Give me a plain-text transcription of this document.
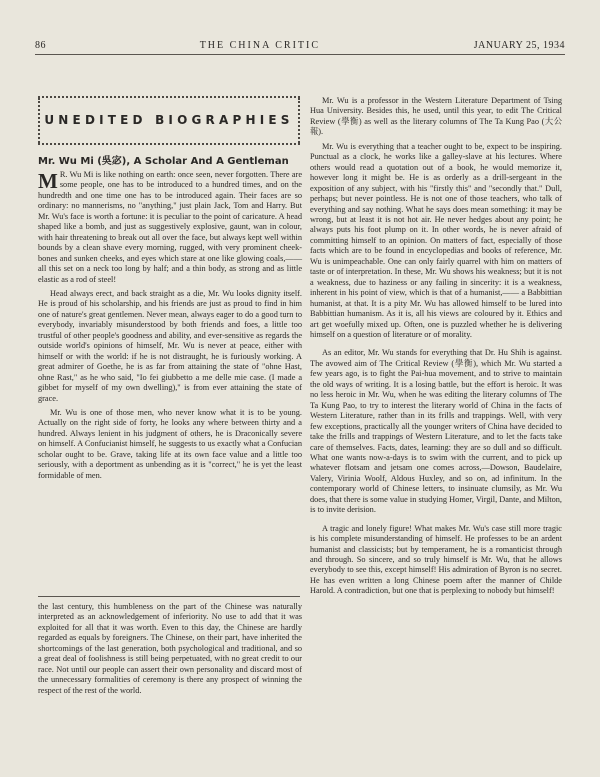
86	THE CHINA CRITIC	JANUARY 25, 1934
UNEDITED BIOGRAPHIES
Mr. Wu Mi (吳宓), A Scholar And A Gentleman

M R. Wu Mi is like nothing on earth: once seen, never forgotten. There are some people, one has to be introduced to a hundred times, and on the hundredth and one time one has to be introduced again. Their faces are so ordinary: no mannerisms, no "anything," just plain Jack, Tom and Harry. But Mr. Wu's face is worth a fortune: it is peculiar to the point of caricature. A head shaped like a bomb, and just as suggestively explosive, gaunt, wan in colour, with hair threatening to break out all over the face, but always kept well within bounds by a clean shave every morning, rugged, with very prominent cheek-bones and sunken cheeks, and eyes which stare at one like glowing coals,——all this set on a neck too long by half; and a thin body, as strong and as little elastic as a rod of steel!

Head always erect, and back straight as a die, Mr. Wu looks dignity itself. He is proud of his scholarship, and his friends are just as proud to find in him one of nature's great gentlemen. Never mean, always eager to do a good turn to everybody, invariably misunderstood by both friends and foes, a little too trustful of other people's goodness and ability, and ever-sensitive as regards the outside world's opinions of himself, Mr. Wu is never at peace, either with himself or with the world: if he is not distraught, he is furiously working. A great admirer of Goethe, he is as far from attaining the state of "ohne Hast, ohne Rast," as he who said, "Io fei giubbetto a me delle mie case. (I made a gibbet for myself of my own dwelling)," is from ever attaining the state of grace.

Mr. Wu is one of those men, who never know what it is to be young. Actually on the right side of forty, he looks any where between thirty and a hundred. Always lenient in his judgment of others, he is Draconically severe on himself. A Confucianist himself, he suggests to us exactly what a Confucian scholar ought to be. Grave, taking life at its own face value and a little too seriously, with a deportment as unbending as it is "correct," he is yet the least formidable of men.

the last century, this humbleness on the part of the Chinese was naturally interpreted as an acknowledgement of inferiority. No use to add that it was exploited for all that it was worth. Even to this day, the Chinese are hardly regarded as equals by foreigners. The Chinese, on their part, have inherited the shortcomings of the last generation, both psychological and traditional, and so a great deal of foolishness is still being perpetuated, with no great credit to our race. Not until our people can assert their own personality and discard most of the unnecessary formalities of ceremony is there any prospect of winning the respect of the rest of the world.

Mr. Wu is a professor in the Western Literature Department of Tsing Hua University. Besides this, he used, until this year, to edit The Critical Review (學衡) as well as the literary columns of The Ta Kung Pao (大公報).

Mr. Wu is everything that a teacher ought to be, expect to be inspiring. Punctual as a clock, he works like a galley-slave at his lectures. Where others would read a quotation out of a book, he would memorize it, however long it might be. He is as orderly as a drill-sergeant in the exposition of any subject, with his "firstly this" and "secondly that." Dull, perhaps; but never pointless. He is not one of those teachers, who talk of everything and say nothing. What he says does mean something: it may be wrong, but at least it is not hot air. He never hedges about any point; he always puts his foot plump on it. In other words, he is never afraid of committing himself to an opinion. On matters of fact, especially of those facts which are to be found in encyclopedias and books of reference, Mr. Wu is unimpeachable. One can only fairly quarrel with him on matters of taste or of interpretation. In these, Mr. Wu shows his weakness; but it is not a weakness, due to haziness or any failing in sincerity: it is a weakness, inherent in his point of view, which is that of a humanist,—— a Babbittian humanist, at that. It is a pity Mr. Wu has allowed himself to be lured into Babbittian humanism. As it is, all his views are coloured by it. Ethics and art get woefully mixed up. Often, one is puzzled whether he is delivering himself on a question of literature or of morality.

As an editor, Mr. Wu stands for everything that Dr. Hu Shih is against. The avowed aim of The Critical Review (學衡), which Mr. Wu started a few years ago, is to fight the Pai-hua movement, and to strive to maintain the old ways of writing. It is a losing battle, but the effort is heroic. It was no less heroic in Mr. Wu, when he was editing the literary columns of The Ta Kung Pao, to try to interest the literary world of China in the facts of Western Literature, rather than in its frills and trappings. Well, with very few exceptions, practically all the younger writers of China have decided to take the frills and trappings of Western Literature, and to let the facts take care of themselves. Facts, dates, learning: they are so dull and so difficult. What one wants now-a-days is to swim with the current, and to pick up whatever flotsam and jetsam one comes across,—Dowson, Baudelaire, Valery, Virinia Woolf, Aldous Huxley, and so on, ad infinitum. In the contemporary world of Chinese letters, to insinuate clumsily, as Mr. Wu does, that there is some value in studying Homer, Virgil, Dante, and Milton, is to invite derision.

A tragic and lonely figure! What makes Mr. Wu's case still more tragic is his complete misunderstanding of himself. He professes to be an ardent humanist and classicists; but by temperament, he is a romanticist through and through. So sincere, and so truly himself is Mr. Wu, that he allows everybody to see this, except himself! His admiration of Byron is no secret. He has even written a long Chinese poem after the manner of Childe Harold. A contradiction, but one that is perplexing to nobody but himself!
